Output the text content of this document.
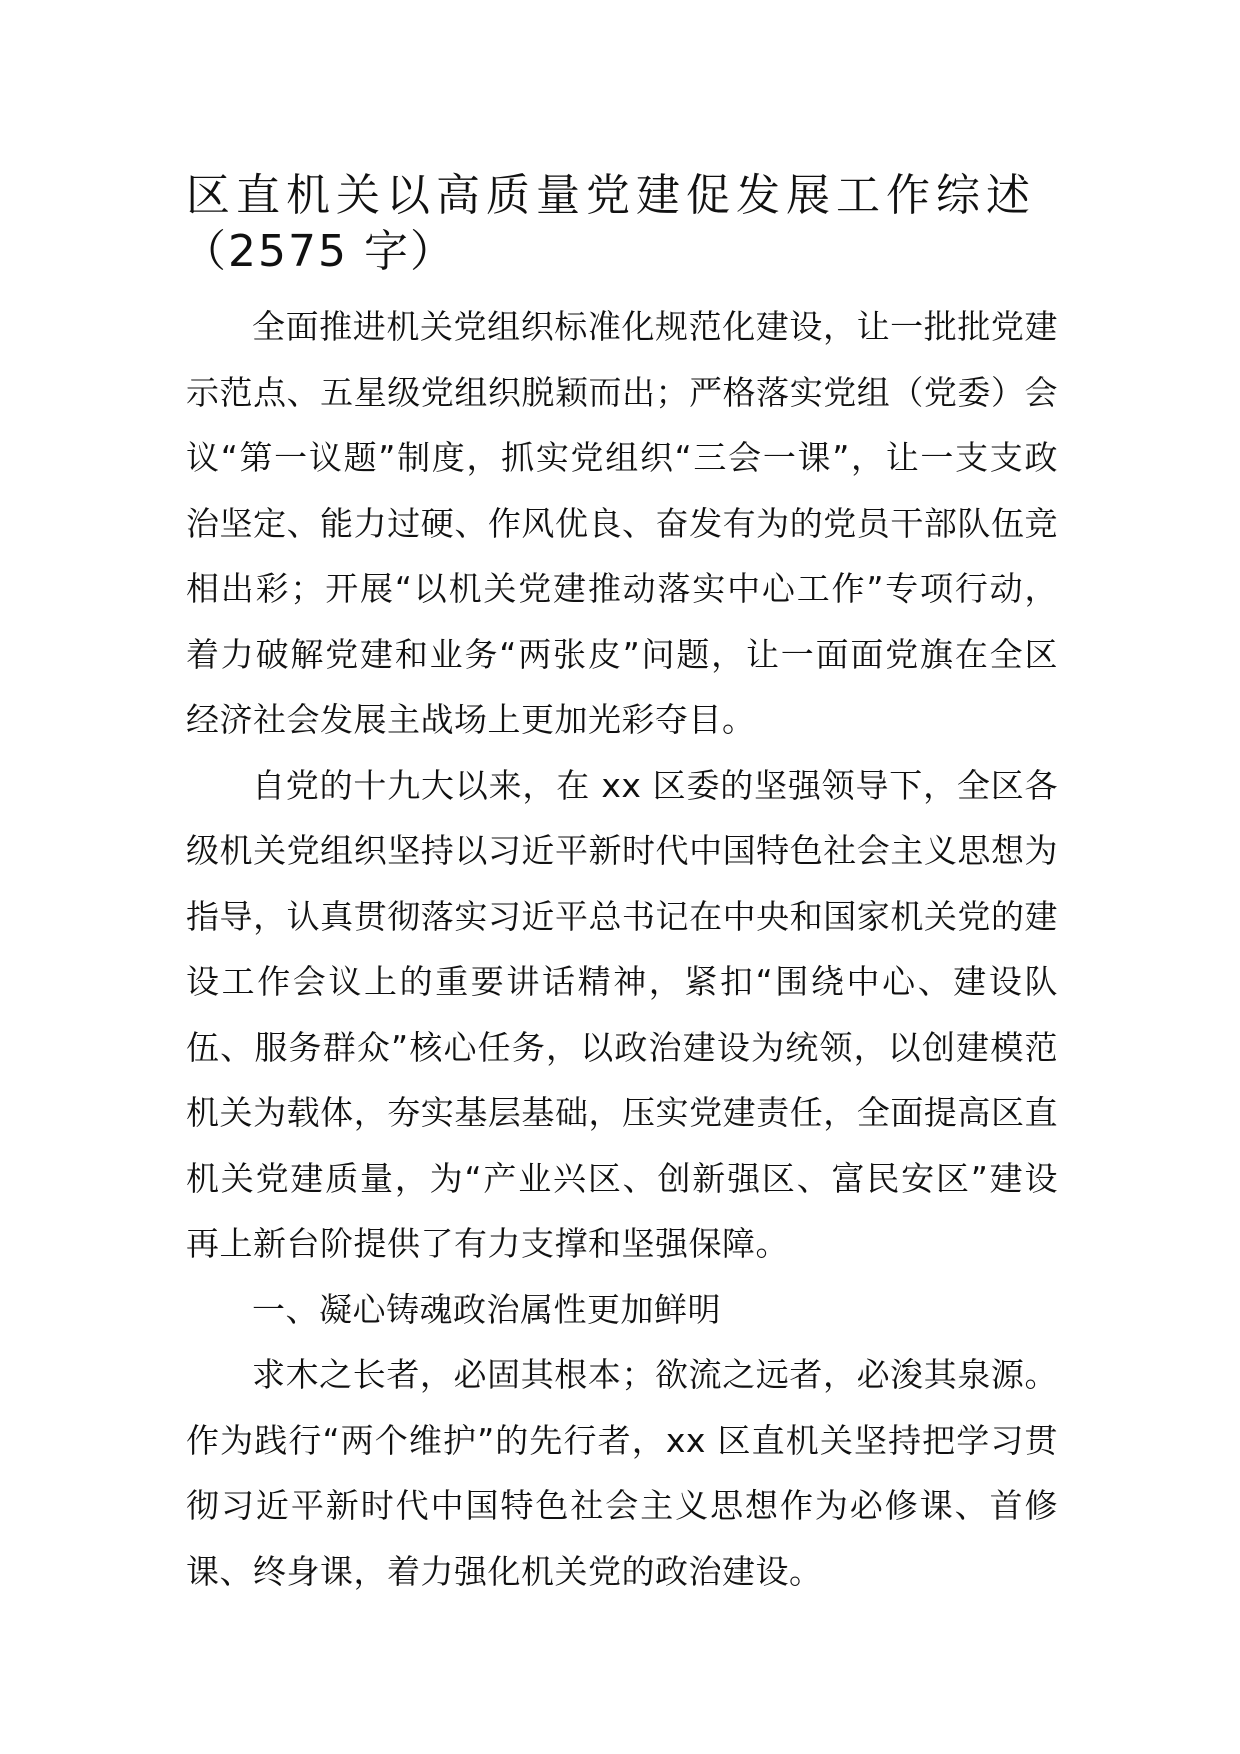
区直机关以高质量党建促发展工作综述
（2575 字）

全面推进机关党组织标准化规范化建设，让一批批党建示范点、五星级党组织脱颖而出；严格落实党组（党委）会议“第一议题”制度，抓实党组织“三会一课”，让一支支政治坚定、能力过硬、作风优良、奋发有为的党员干部队伍竞相出彩；开展“以机关党建推动落实中心工作”专项行动，着力破解党建和业务“两张皮”问题，让一面面党旗在全区经济社会发展主战场上更加光彩夺目。

自党的十九大以来，在 xx 区委的坚强领导下，全区各级机关党组织坚持以习近平新时代中国特色社会主义思想为指导，认真贯彻落实习近平总书记在中央和国家机关党的建设工作会议上的重要讲话精神，紧扣“围绕中心、建设队伍、服务群众”核心任务，以政治建设为统领，以创建模范机关为载体，夯实基层基础，压实党建责任，全面提高区直机关党建质量，为“产业兴区、创新强区、富民安区”建设再上新台阶提供了有力支撑和坚强保障。

一、凝心铸魂政治属性更加鲜明

求木之长者，必固其根本；欲流之远者，必浚其泉源。作为践行“两个维护”的先行者，xx 区直机关坚持把学习贯彻习近平新时代中国特色社会主义思想作为必修课、首修课、终身课，着力强化机关党的政治建设。
